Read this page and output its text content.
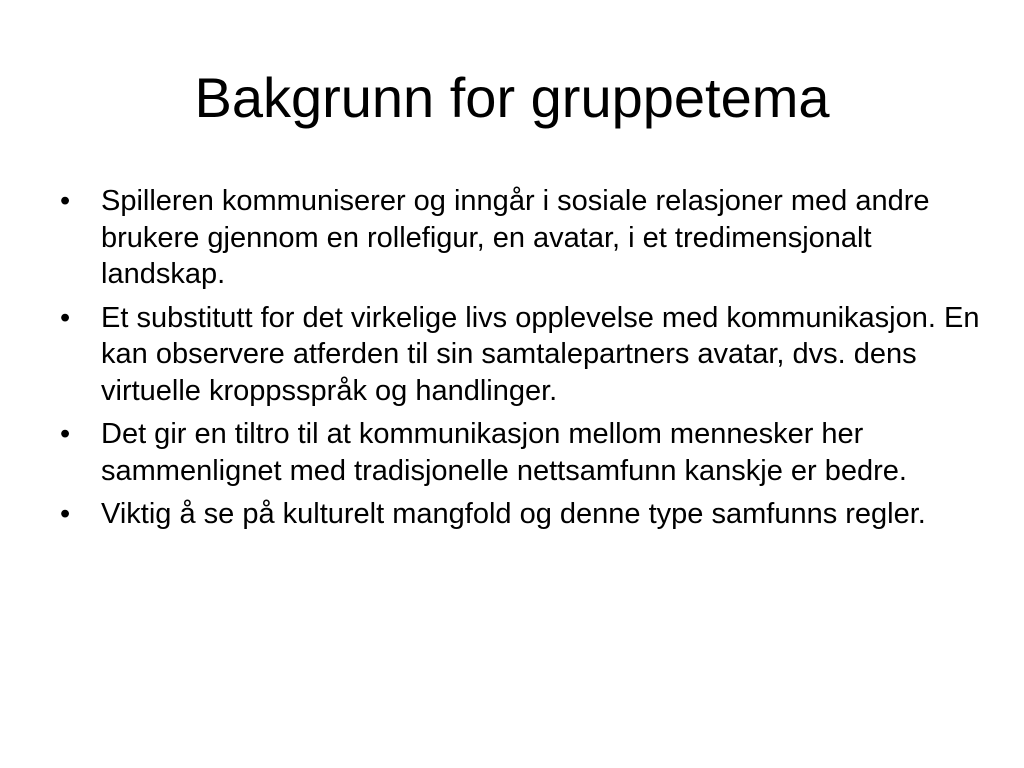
Bakgrunn for gruppetema
• Spilleren kommuniserer og inngår i sosiale relasjoner med andre brukere gjennom en rollefigur, en avatar, i et tredimensjonalt landskap.
• Et substitutt for det virkelige livs opplevelse med kommunikasjon. En kan observere atferden til sin samtalepartners avatar, dvs. dens virtuelle kroppsspråk og handlinger.
• Det gir en tiltro til at kommunikasjon mellom mennesker her sammenlignet med tradisjonelle nettsamfunn kanskje er bedre.
• Viktig å se på kulturelt mangfold og denne type samfunns regler.
